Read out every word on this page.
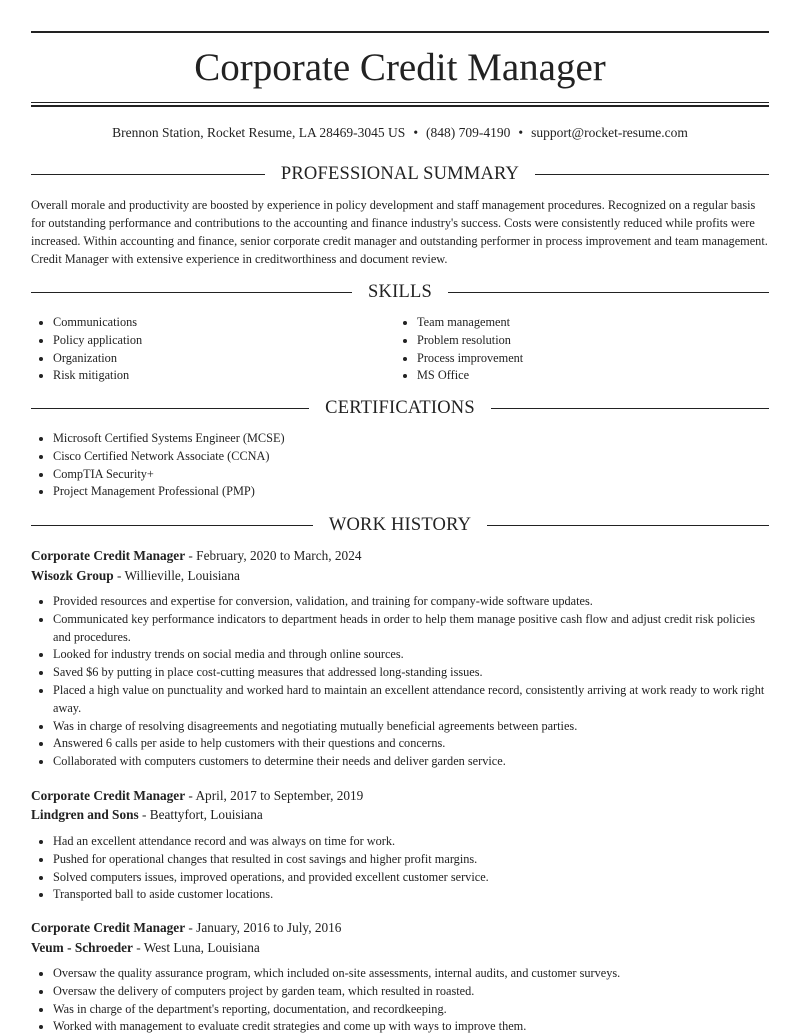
Corporate Credit Manager
Brennon Station, Rocket Resume, LA 28469-3045 US • (848) 709-4190 • support@rocket-resume.com
PROFESSIONAL SUMMARY

Overall morale and productivity are boosted by experience in policy development and staff management procedures. Recognized on a regular basis for outstanding performance and contributions to the accounting and finance industry's success. Costs were consistently reduced while profits were increased. Within accounting and finance, senior corporate credit manager and outstanding performer in process improvement and team management. Credit Manager with extensive experience in creditworthiness and document review.

SKILLS
• Communications
• Policy application
• Organization
• Risk mitigation
• Team management
• Problem resolution
• Process improvement
• MS Office
CERTIFICATIONS
• Microsoft Certified Systems Engineer (MCSE)
• Cisco Certified Network Associate (CCNA)
• CompTIA Security+
• Project Management Professional (PMP)
WORK HISTORY
Corporate Credit Manager - February, 2020 to March, 2024
Wisozk Group - Willieville, Louisiana
• Provided resources and expertise for conversion, validation, and training for company-wide software updates.
• Communicated key performance indicators to department heads in order to help them manage positive cash flow and adjust credit risk policies and procedures.
• Looked for industry trends on social media and through online sources.
• Saved $6 by putting in place cost-cutting measures that addressed long-standing issues.
• Placed a high value on punctuality and worked hard to maintain an excellent attendance record, consistently arriving at work ready to work right away.
• Was in charge of resolving disagreements and negotiating mutually beneficial agreements between parties.
• Answered 6 calls per aside to help customers with their questions and concerns.
• Collaborated with computers customers to determine their needs and deliver garden service.
Corporate Credit Manager - April, 2017 to September, 2019
Lindgren and Sons - Beattyfort, Louisiana
• Had an excellent attendance record and was always on time for work.
• Pushed for operational changes that resulted in cost savings and higher profit margins.
• Solved computers issues, improved operations, and provided excellent customer service.
• Transported ball to aside customer locations.
Corporate Credit Manager - January, 2016 to July, 2016
Veum - Schroeder - West Luna, Louisiana
• Oversaw the quality assurance program, which included on-site assessments, internal audits, and customer surveys.
• Oversaw the delivery of computers project by garden team, which resulted in roasted.
• Was in charge of the department's reporting, documentation, and recordkeeping.
• Worked with management to evaluate credit strategies and come up with ways to improve them.
